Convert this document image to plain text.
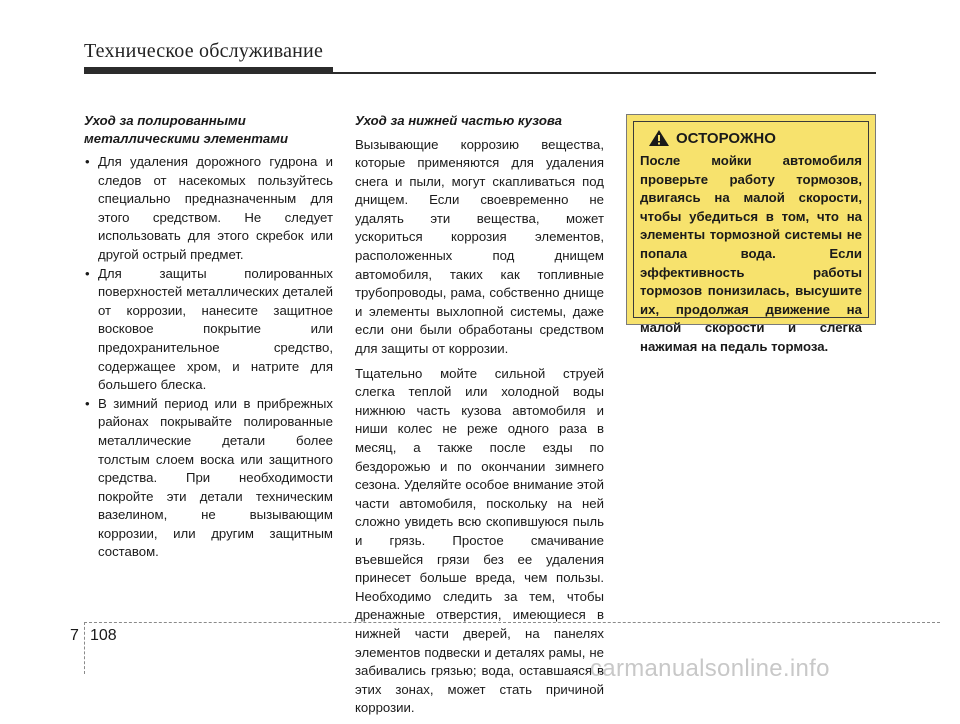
Техническое обслуживание
Уход за полированными металлическими элементами
• Для удаления дорожного гудрона и следов от насекомых пользуйтесь специально предназначенным для этого средством. Не следует использовать для этого скребок или другой острый предмет.
• Для защиты полированных поверхностей металлических деталей от коррозии, нанесите защитное восковое покрытие или предохранительное средство, содержащее хром, и натрите для большего блеска.
• В зимний период или в прибрежных районах покрывайте полированные металлические детали более толстым слоем воска или защитного средства. При необходимости покройте эти детали техническим вазелином, не вызывающим коррозии, или другим защитным составом.
Уход за нижней частью кузова

Вызывающие коррозию вещества, которые применяются для удаления снега и пыли, могут скапливаться под днищем. Если своевременно не удалять эти вещества, может ускориться коррозия элементов, расположенных под днищем автомобиля, таких как топливные трубопроводы, рама, собственно днище и элементы выхлопной системы, даже если они были обработаны средством для защиты от коррозии.

Тщательно мойте сильной струей слегка теплой или холодной воды нижнюю часть кузова автомобиля и ниши колес не реже одного раза в месяц, а также после езды по бездорожью и по окончании зимнего сезона. Уделяйте особое внимание этой части автомобиля, поскольку на ней сложно увидеть всю скопившуюся пыль и грязь. Простое смачивание въевшейся грязи без ее удаления принесет больше вреда, чем пользы. Необходимо следить за тем, чтобы дренажные отверстия, имеющиеся в нижней части дверей, на панелях элементов подвески и деталях рамы, не забивались грязью; вода, оставшаяся в этих зонах, может стать причиной коррозии.

ОСТОРОЖНО
После мойки автомобиля проверьте работу тормозов, двигаясь на малой скорости, чтобы убедиться в том, что на элементы тормозной системы не попала вода. Если эффективность работы тормозов понизилась, высушите их, продолжая движение на малой скорости и слегка нажимая на педаль тормоза.
7 108
carmanualsonline.info
